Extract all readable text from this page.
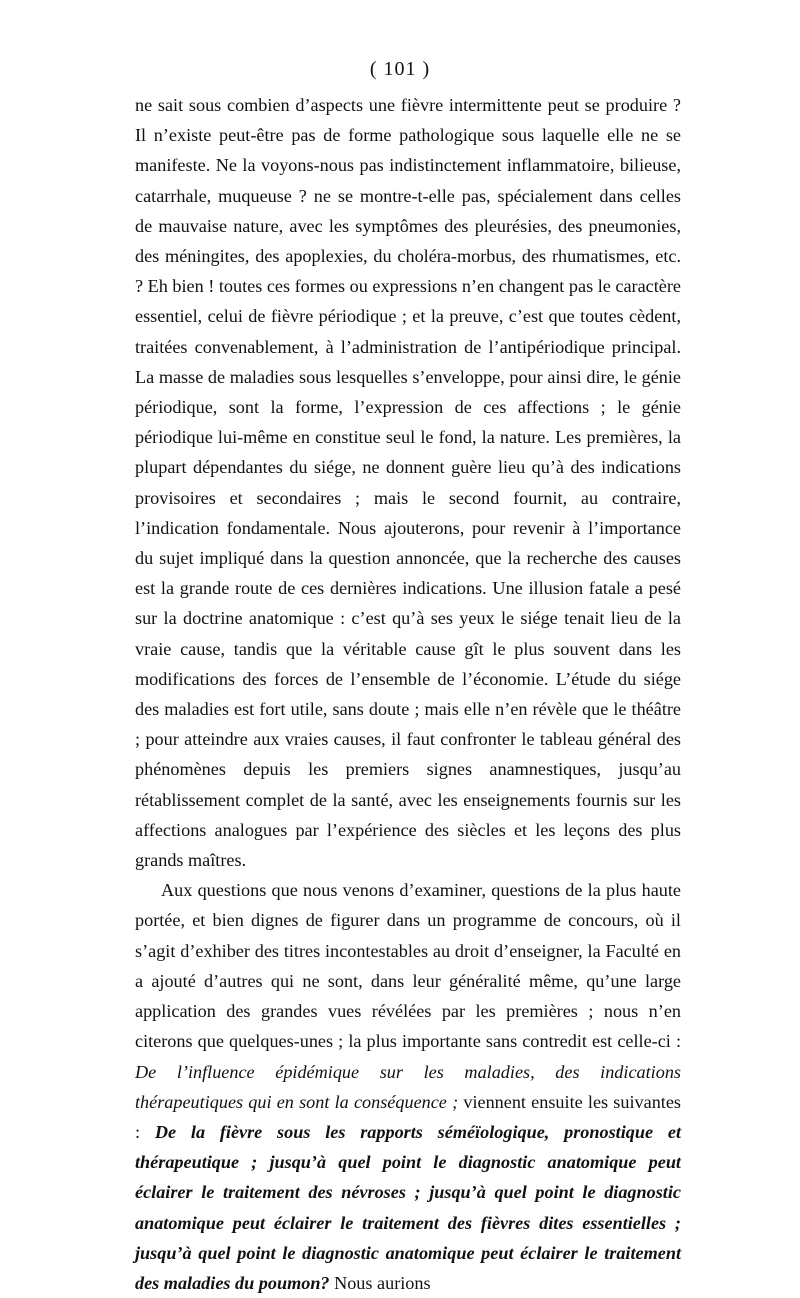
( 101 )

ne sait sous combien d’aspects une fièvre intermittente peut se produire ? Il n’existe peut-être pas de forme pathologique sous laquelle elle ne se manifeste. Ne la voyons-nous pas indistinctement inflammatoire, bilieuse, catarrhale, muqueuse ? ne se montre-t-elle pas, spécialement dans celles de mauvaise nature, avec les symptômes des pleurésies, des pneumonies, des méningites, des apoplexies, du choléra-morbus, des rhumatismes, etc. ? Eh bien ! toutes ces formes ou expressions n’en changent pas le caractère essentiel, celui de fièvre périodique ; et la preuve, c’est que toutes cèdent, traitées convenablement, à l’administration de l’antipériodique principal. La masse de maladies sous lesquelles s’enveloppe, pour ainsi dire, le génie périodique, sont la forme, l’expression de ces affections ; le génie périodique lui-même en constitue seul le fond, la nature. Les premières, la plupart dépendantes du siége, ne donnent guère lieu qu’à des indications provisoires et secondaires ; mais le second fournit, au contraire, l’indication fondamentale. Nous ajouterons, pour revenir à l’importance du sujet impliqué dans la question annoncée, que la recherche des causes est la grande route de ces dernières indications. Une illusion fatale a pesé sur la doctrine anatomique : c’est qu’à ses yeux le siége tenait lieu de la vraie cause, tandis que la véritable cause gît le plus souvent dans les modifications des forces de l’ensemble de l’économie. L’étude du siége des maladies est fort utile, sans doute ; mais elle n’en révèle que le théâtre ; pour atteindre aux vraies causes, il faut confronter le tableau général des phénomènes depuis les premiers signes anamnestiques, jusqu’au rétablissement complet de la santé, avec les enseignements fournis sur les affections analogues par l’expérience des siècles et les leçons des plus grands maîtres.

Aux questions que nous venons d’examiner, questions de la plus haute portée, et bien dignes de figurer dans un programme de concours, où il s’agit d’exhiber des titres incontestables au droit d’enseigner, la Faculté en a ajouté d’autres qui ne sont, dans leur généralité même, qu’une large application des grandes vues révélées par les premières ; nous n’en citerons que quelques-unes ; la plus importante sans contredit est celle-ci : De l’influence épidémique sur les maladies, des indications thérapeutiques qui en sont la conséquence ; viennent ensuite les suivantes : De la fièvre sous les rapports séméïologique, pronostique et thérapeutique ; jusqu’à quel point le diagnostic anatomique peut éclairer le traitement des névroses ; jusqu’à quel point le diagnostic anatomique peut éclairer le traitement des fièvres dites essentielles ; jusqu’à quel point le diagnostic anatomique peut éclairer le traitement des maladies du poumon? Nous aurions
